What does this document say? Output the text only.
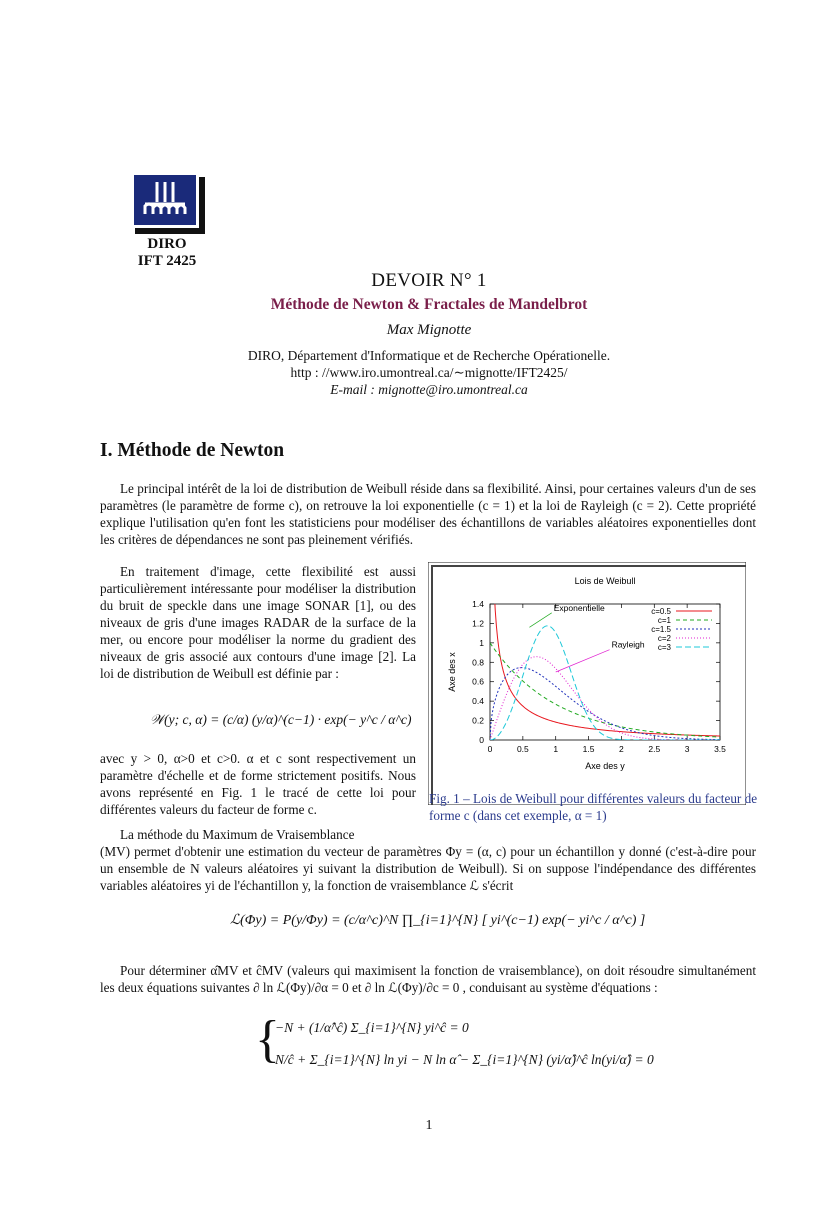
DIRO
IFT 2425
DEVOIR N° 1
Méthode de Newton & Fractales de Mandelbrot
Max Mignotte
DIRO, Département d'Informatique et de Recherche Opérationelle.
http : //www.iro.umontreal.ca/∼mignotte/IFT2425/
E-mail : mignotte@iro.umontreal.ca
I. Méthode de Newton
Le principal intérêt de la loi de distribution de Weibull réside dans sa flexibilité. Ainsi, pour certaines valeurs d'un de ses paramètres (le paramètre de forme c), on retrouve la loi exponentielle (c = 1) et la loi de Rayleigh (c = 2). Cette propriété explique l'utilisation qu'en font les statisticiens pour modéliser des échantillons de variables aléatoires exponentielles dont les critères de dépendances ne sont pas pleinement vérifiés.
En traitement d'image, cette flexibilité est aussi particulièrement intéressante pour modéliser la distribution du bruit de speckle dans une image SONAR [1], ou des niveaux de gris d'une images RADAR de la surface de la mer, ou encore pour modéliser la norme du gradient des niveaux de gris associé aux contours d'une image [2]. La loi de distribution de Weibull est définie par :
𝒲(y; c, α) = (c/α) (y/α)^(c−1) · exp(− y^c / α^c)
avec y > 0, α>0 et c>0. α et c sont respectivement un paramètre d'échelle et de forme strictement positifs. Nous avons représenté en Fig. 1 le tracé de cette loi pour différentes valeurs du facteur de forme c.
La méthode du Maximum de Vraisemblance
(MV) permet d'obtenir une estimation du vecteur de paramètres Φy = (α, c) pour un échantillon y donné (c'est-à-dire pour un ensemble de N valeurs aléatoires yi suivant la distribution de Weibull). Si on suppose l'indépendance des différentes variables aléatoires yi de l'échantillon y, la fonction de vraisemblance ℒ s'écrit
ℒ(Φy) = P(y/Φy) = (c/α^c)^N ∏_{i=1}^{N} [ yi^(c−1) exp(− yi^c / α^c) ]
Pour déterminer α̂MV et ĉMV (valeurs qui maximisent la fonction de vraisemblance), on doit résoudre simultanément les deux équations suivantes ∂ ln ℒ(Φy)/∂α = 0 et ∂ ln ℒ(Φy)/∂c = 0 , conduisant au système d'équations :
{
−N + (1/α̂^ĉ) Σ_{i=1}^{N} yi^ĉ = 0
N/ĉ + Σ_{i=1}^{N} ln yi − N ln α̂ − Σ_{i=1}^{N} (yi/α̂)^ĉ ln(yi/α̂) = 0
Lois de Weibull
Axe des y
Axe des x
0	0.5	1	1.5	2	2.5	3	3.5
0
0.2
0.4
0.6
0.8
1
1.2
1.4
c=0.5
c=1
c=1.5
c=2
c=3
Exponentielle
Rayleigh
Fig. 1 – Lois de Weibull pour différentes valeurs du facteur de forme c (dans cet exemple, α = 1)
1
